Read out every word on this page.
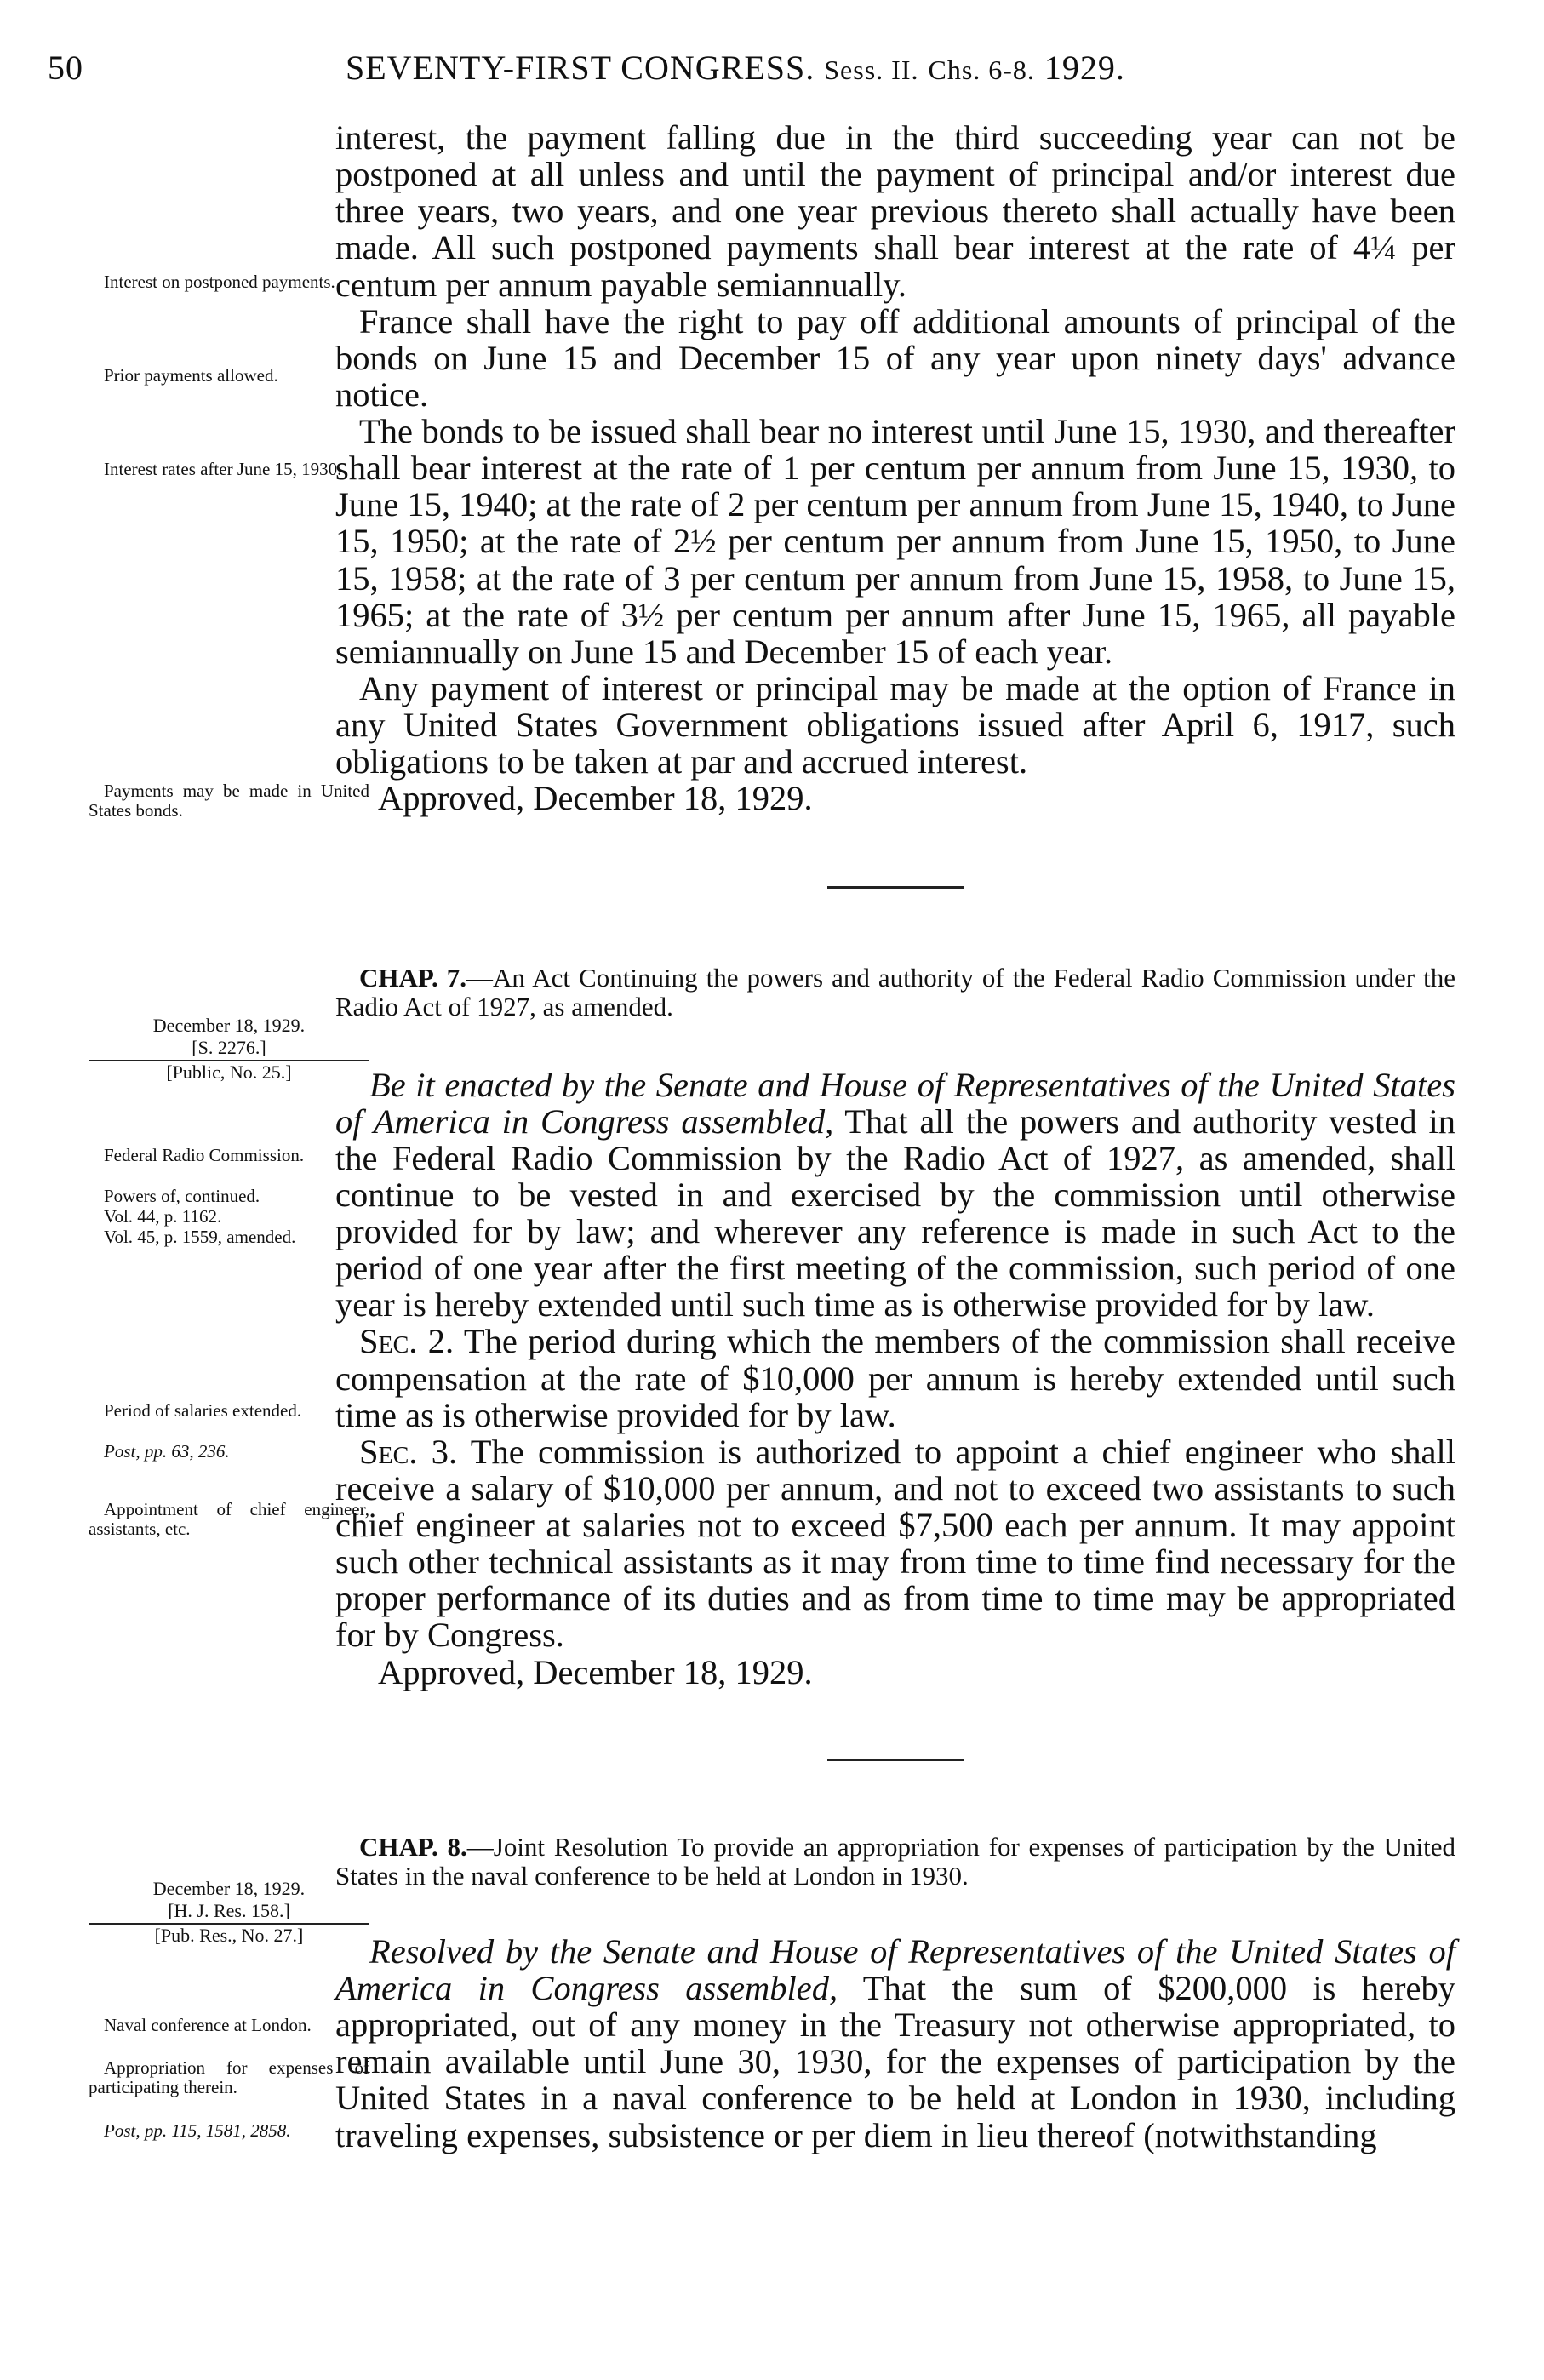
50	SEVENTY-FIRST CONGRESS. Sess. II. Chs. 6-8. 1929.

Interest on postponed payments.

Prior payments allowed.

Interest rates after June 15, 1930.

Payments may be made in United States bonds.

December 18, 1929.
[S. 2276.]
[Public, No. 25.]

Federal Radio Commission.

Powers of, continued.

Vol. 44, p. 1162.

Vol. 45, p. 1559, amended.

Period of salaries extended.

Post, pp. 63, 236.

Appointment of chief engineer, assistants, etc.

December 18, 1929.
[H. J. Res. 158.]
[Pub. Res., No. 27.]

Naval conference at London.

Appropriation for expenses of participating therein.

Post, pp. 115, 1581, 2858.

interest, the payment falling due in the third succeeding year can not be postponed at all unless and until the payment of principal and/or interest due three years, two years, and one year previous thereto shall actually have been made. All such postponed payments shall bear interest at the rate of 4¼ per centum per annum payable semiannually.

France shall have the right to pay off additional amounts of principal of the bonds on June 15 and December 15 of any year upon ninety days' advance notice.

The bonds to be issued shall bear no interest until June 15, 1930, and thereafter shall bear interest at the rate of 1 per centum per annum from June 15, 1930, to June 15, 1940; at the rate of 2 per centum per annum from June 15, 1940, to June 15, 1950; at the rate of 2½ per centum per annum from June 15, 1950, to June 15, 1958; at the rate of 3 per centum per annum from June 15, 1958, to June 15, 1965; at the rate of 3½ per centum per annum after June 15, 1965, all payable semiannually on June 15 and December 15 of each year.

Any payment of interest or principal may be made at the option of France in any United States Government obligations issued after April 6, 1917, such obligations to be taken at par and accrued interest.

Approved, December 18, 1929.

CHAP. 7.—An Act Continuing the powers and authority of the Federal Radio Commission under the Radio Act of 1927, as amended.

Be it enacted by the Senate and House of Representatives of the United States of America in Congress assembled, That all the powers and authority vested in the Federal Radio Commission by the Radio Act of 1927, as amended, shall continue to be vested in and exercised by the commission until otherwise provided for by law; and wherever any reference is made in such Act to the period of one year after the first meeting of the commission, such period of one year is hereby extended until such time as is otherwise provided for by law.

Sec. 2. The period during which the members of the commission shall receive compensation at the rate of $10,000 per annum is hereby extended until such time as is otherwise provided for by law.

Sec. 3. The commission is authorized to appoint a chief engineer who shall receive a salary of $10,000 per annum, and not to exceed two assistants to such chief engineer at salaries not to exceed $7,500 each per annum. It may appoint such other technical assistants as it may from time to time find necessary for the proper performance of its duties and as from time to time may be appropriated for by Congress.

Approved, December 18, 1929.

CHAP. 8.—Joint Resolution To provide an appropriation for expenses of participation by the United States in the naval conference to be held at London in 1930.

Resolved by the Senate and House of Representatives of the United States of America in Congress assembled, That the sum of $200,000 is hereby appropriated, out of any money in the Treasury not otherwise appropriated, to remain available until June 30, 1930, for the expenses of participation by the United States in a naval conference to be held at London in 1930, including traveling expenses, subsistence or per diem in lieu thereof (notwithstanding
